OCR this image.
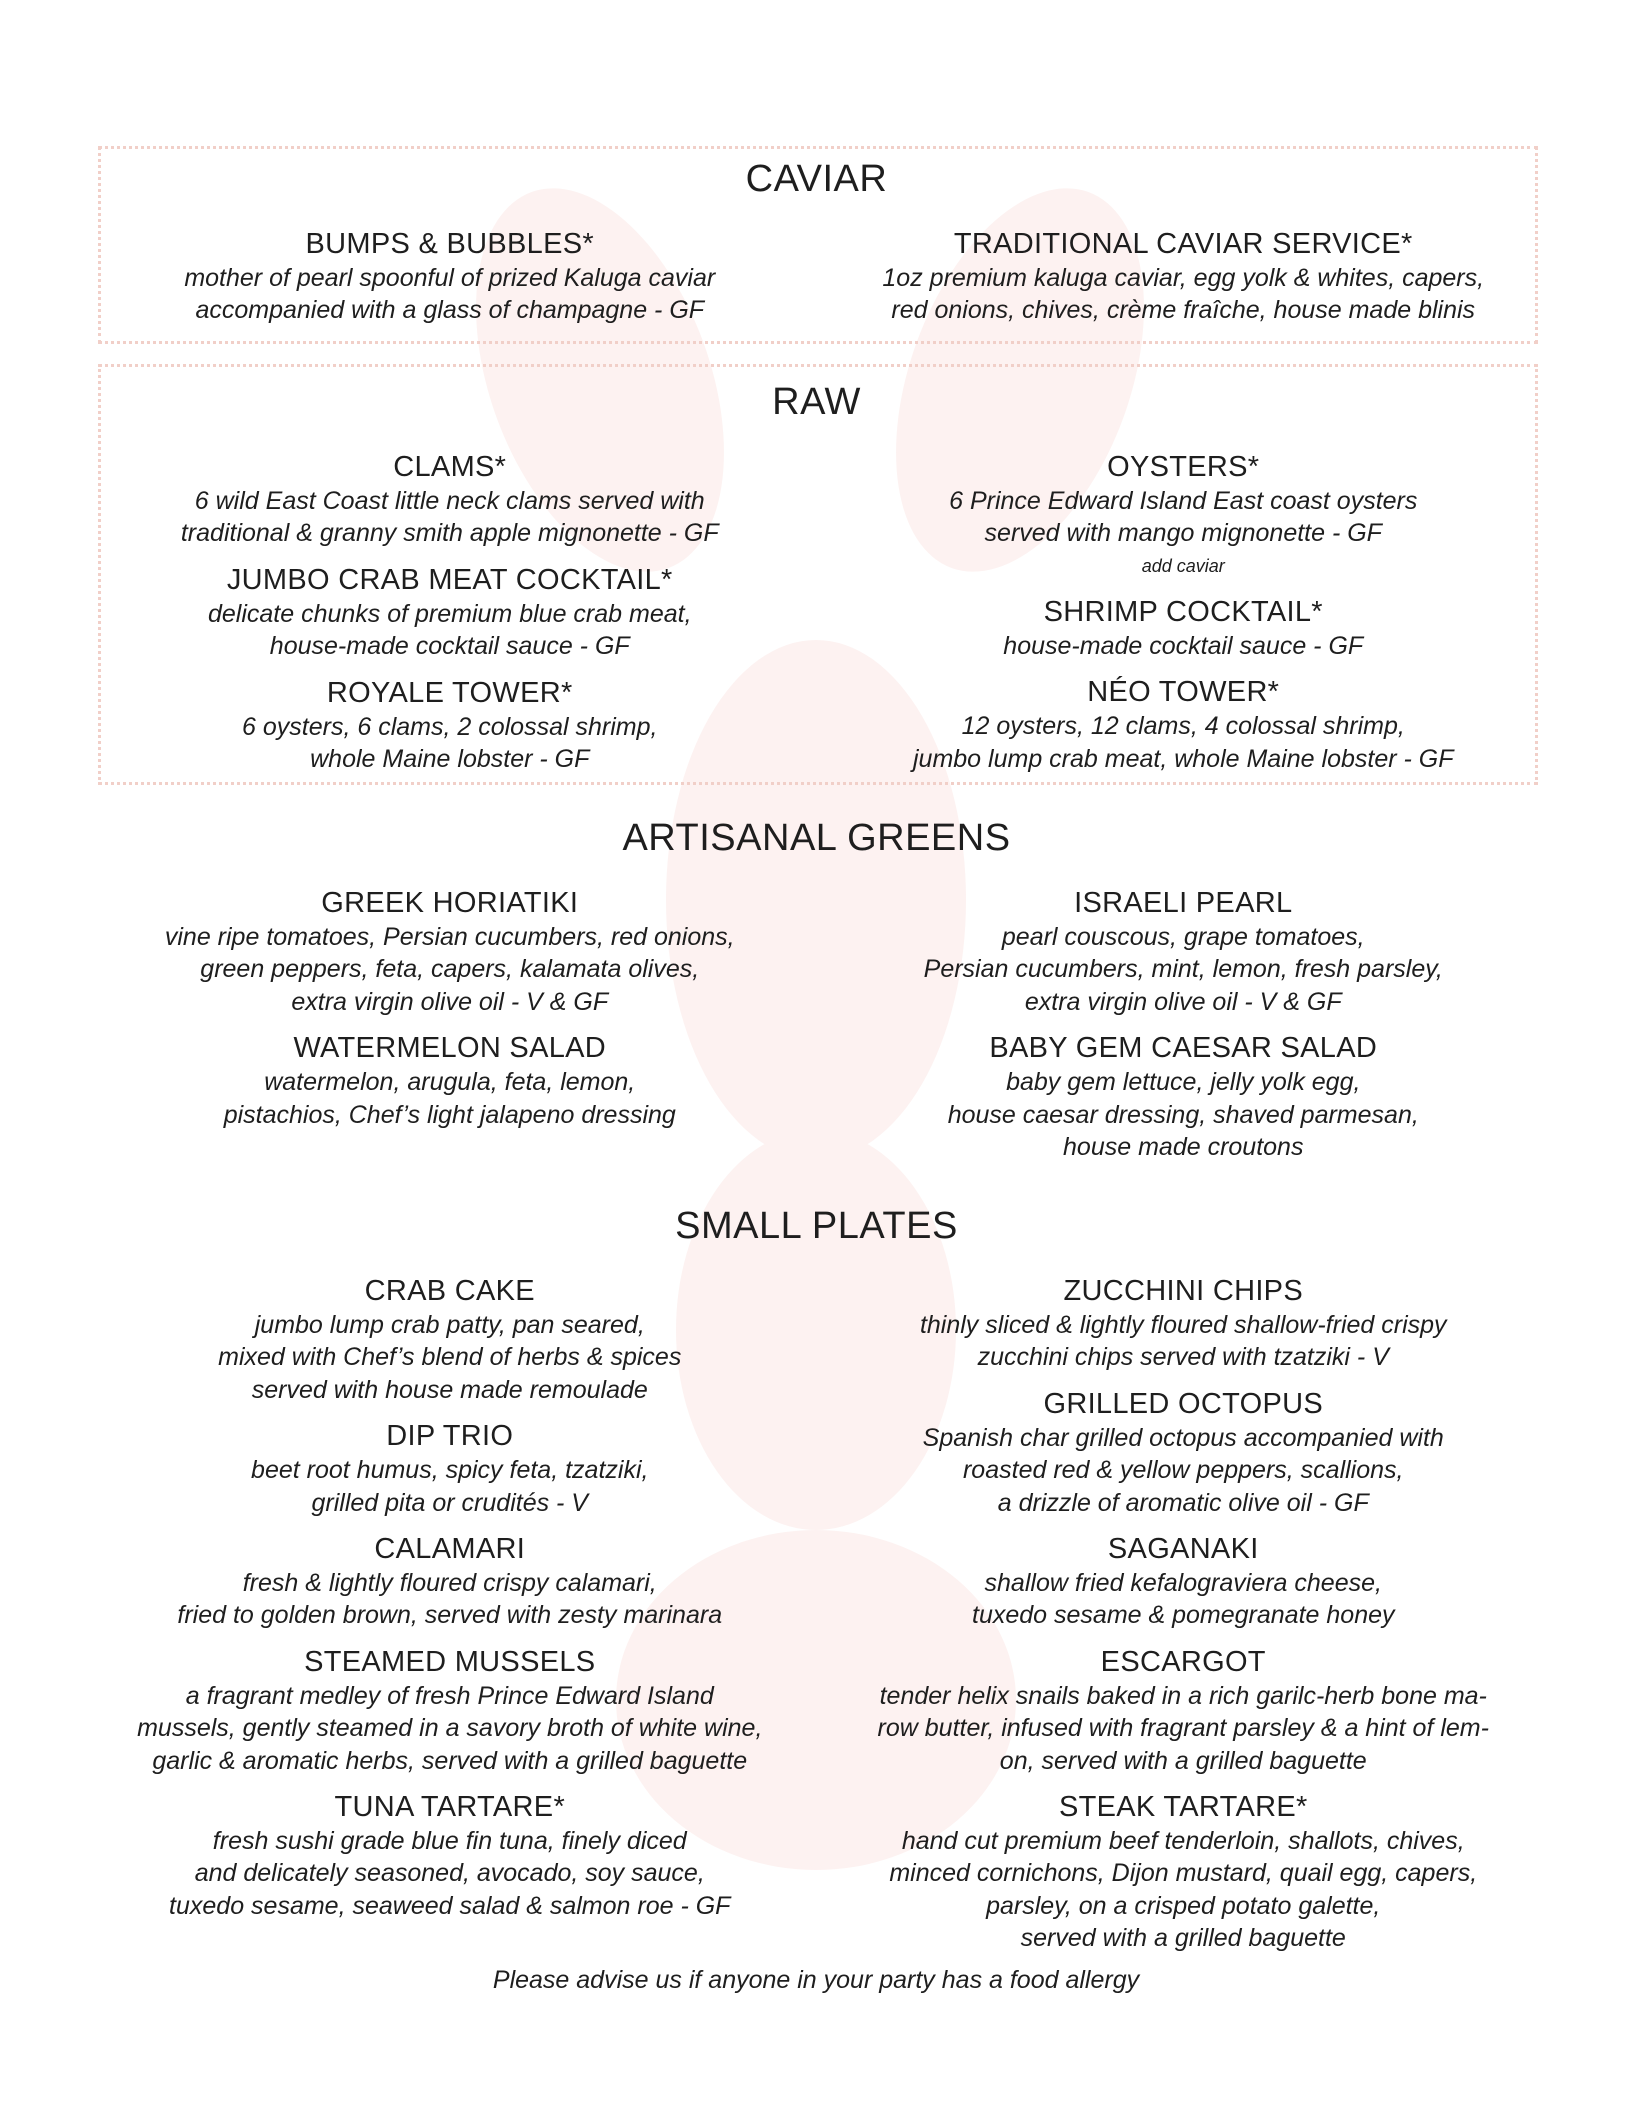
CAVIAR
BUMPS & BUBBLES*
mother of pearl spoonful of prized Kaluga caviar
accompanied with a glass of champagne - GF
TRADITIONAL CAVIAR SERVICE*
1oz premium kaluga caviar, egg yolk & whites, capers,
red onions, chives, crème fraîche, house made blinis
RAW
CLAMS*
6 wild East Coast little neck clams served with
traditional & granny smith apple mignonette - GF
JUMBO CRAB MEAT COCKTAIL*
delicate chunks of premium blue crab meat,
house-made cocktail sauce - GF
ROYALE TOWER*
6 oysters, 6 clams, 2 colossal shrimp,
whole Maine lobster - GF
OYSTERS*
6 Prince Edward Island East coast oysters
served with mango mignonette - GF
add caviar
SHRIMP COCKTAIL*
house-made cocktail sauce - GF
NÉO TOWER*
12 oysters, 12 clams, 4 colossal shrimp,
jumbo lump crab meat, whole Maine lobster - GF
ARTISANAL GREENS
GREEK HORIATIKI
vine ripe tomatoes, Persian cucumbers, red onions,
green peppers, feta, capers, kalamata olives,
extra virgin olive oil - V & GF
WATERMELON SALAD
watermelon, arugula, feta, lemon,
pistachios, Chef’s light jalapeno dressing
ISRAELI PEARL
pearl couscous, grape tomatoes,
Persian cucumbers, mint, lemon, fresh parsley,
extra virgin olive oil - V & GF
BABY GEM CAESAR SALAD
baby gem lettuce, jelly yolk egg,
house caesar dressing, shaved parmesan,
house made croutons
SMALL PLATES
CRAB CAKE
jumbo lump crab patty, pan seared,
mixed with Chef’s blend of herbs & spices
served with house made remoulade
DIP TRIO
beet root humus, spicy feta, tzatziki,
grilled pita or crudités - V
CALAMARI
fresh & lightly floured crispy calamari,
fried to golden brown, served with zesty marinara
STEAMED MUSSELS
a fragrant medley of fresh Prince Edward Island
mussels, gently steamed in a savory broth of white wine,
garlic & aromatic herbs, served with a grilled baguette
TUNA TARTARE*
fresh sushi grade blue fin tuna, finely diced
and delicately seasoned, avocado, soy sauce,
tuxedo sesame, seaweed salad & salmon roe - GF
ZUCCHINI CHIPS
thinly sliced & lightly floured shallow-fried crispy
zucchini chips served with tzatziki - V
GRILLED OCTOPUS
Spanish char grilled octopus accompanied with
roasted red & yellow peppers, scallions,
a drizzle of aromatic olive oil - GF
SAGANAKI
shallow fried kefalograviera cheese,
tuxedo sesame & pomegranate honey
ESCARGOT
tender helix snails baked in a rich garilc-herb bone ma-
row butter, infused with fragrant parsley & a hint of lem-
on, served with a grilled baguette
STEAK TARTARE*
hand cut premium beef tenderloin, shallots, chives,
minced cornichons, Dijon mustard, quail egg, capers,
parsley, on a crisped potato galette,
served with a grilled baguette
Please advise us if anyone in your party has a food allergy
